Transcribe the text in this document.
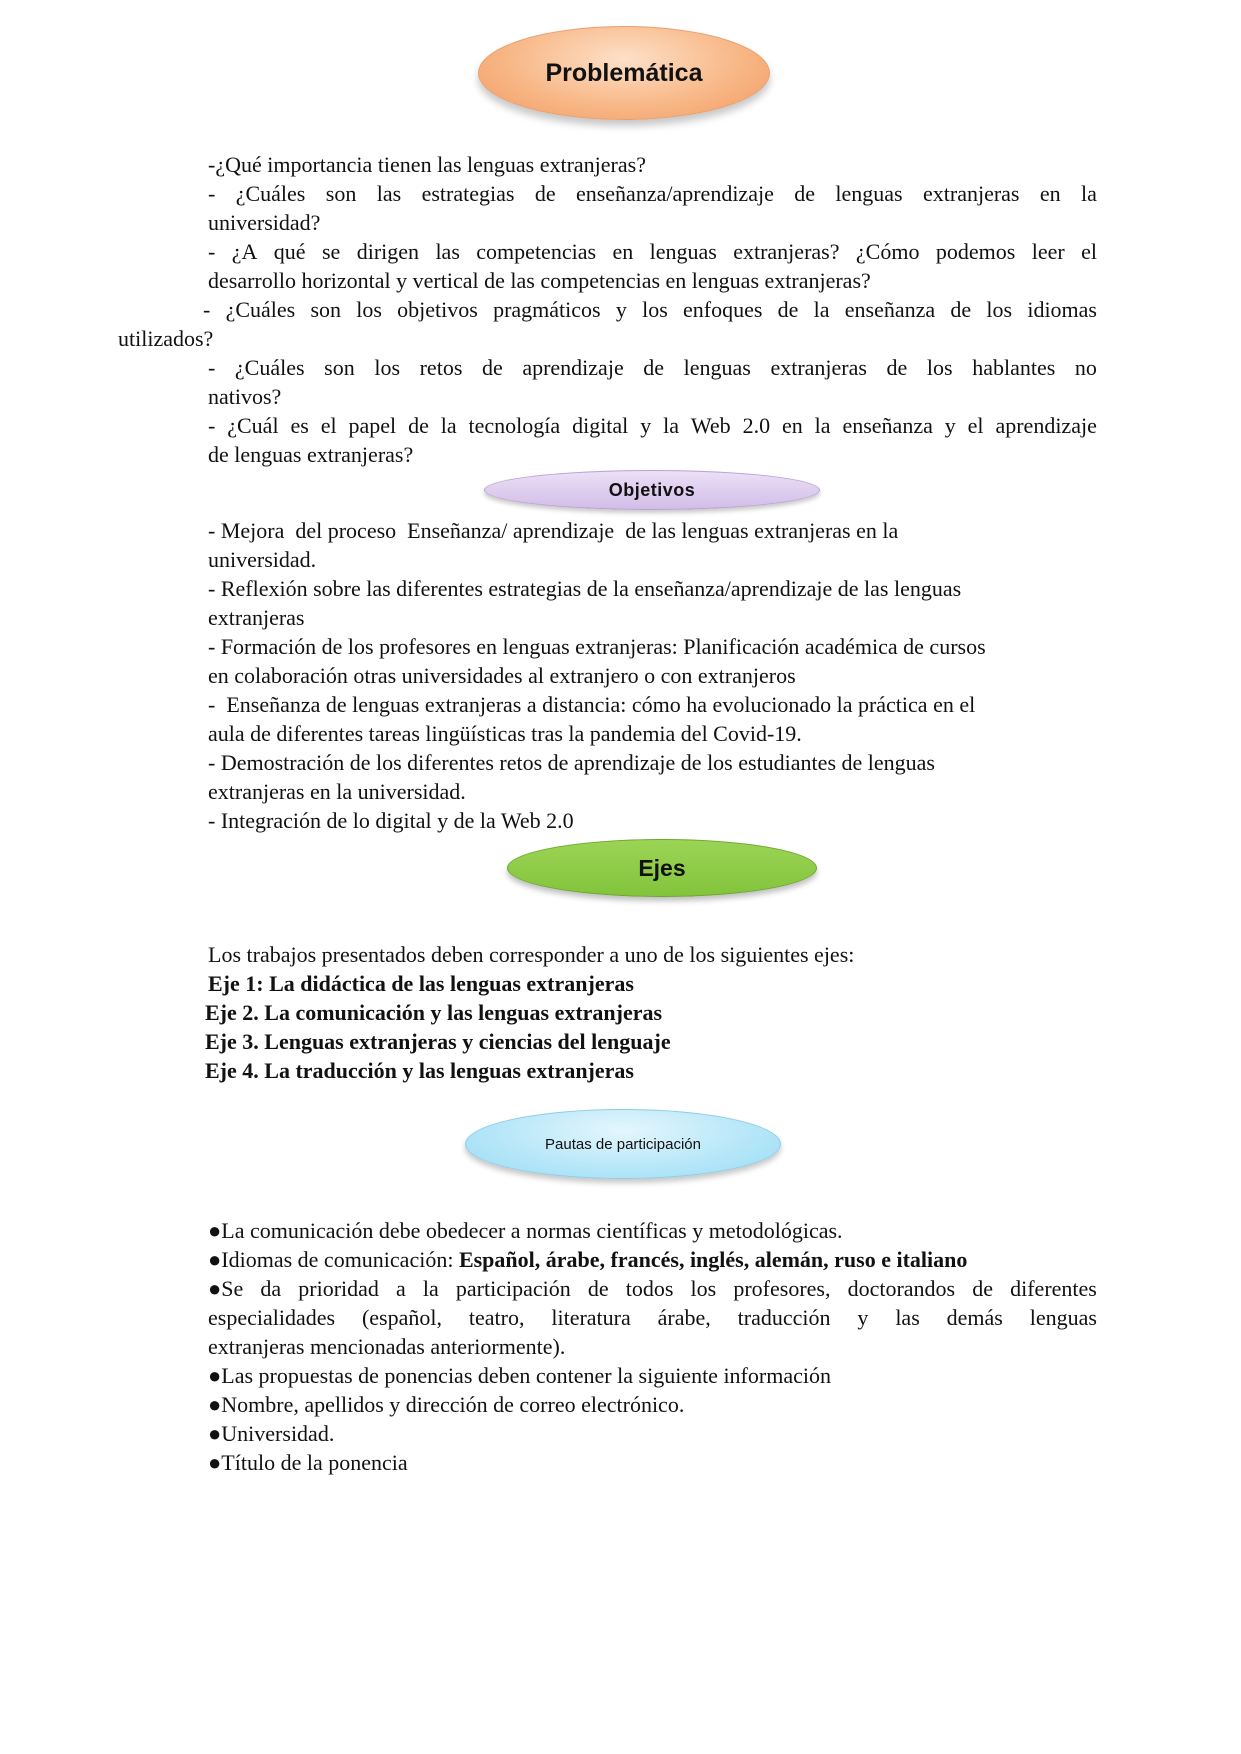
Problemática
Objetivos
Ejes
Pautas de participación
-¿Qué importancia tienen las lenguas extranjeras?
- ¿Cuáles son las estrategias de enseñanza/aprendizaje de lenguas extranjeras en la
universidad?
- ¿A qué se dirigen las competencias en lenguas extranjeras? ¿Cómo podemos leer el
desarrollo horizontal y vertical de las competencias en lenguas extranjeras?
- ¿Cuáles son los objetivos pragmáticos y los enfoques de la enseñanza de los idiomas
utilizados?
- ¿Cuáles son los retos de aprendizaje de lenguas extranjeras de los hablantes no
nativos?
- ¿Cuál es el papel de la tecnología digital y la Web 2.0 en la enseñanza y el aprendizaje
de lenguas extranjeras?
- Mejora  del proceso  Enseñanza/ aprendizaje  de las lenguas extranjeras en la
universidad.
- Reflexión sobre las diferentes estrategias de la enseñanza/aprendizaje de las lenguas
extranjeras
- Formación de los profesores en lenguas extranjeras: Planificación académica de cursos
en colaboración otras universidades al extranjero o con extranjeros
-  Enseñanza de lenguas extranjeras a distancia: cómo ha evolucionado la práctica en el
aula de diferentes tareas lingüísticas tras la pandemia del Covid-19.
- Demostración de los diferentes retos de aprendizaje de los estudiantes de lenguas
extranjeras en la universidad.
- Integración de lo digital y de la Web 2.0
Los trabajos presentados deben corresponder a uno de los siguientes ejes:
Eje 1: La didáctica de las lenguas extranjeras
Eje 2. La comunicación y las lenguas extranjeras
Eje 3. Lenguas extranjeras y ciencias del lenguaje
Eje 4. La traducción y las lenguas extranjeras
●La comunicación debe obedecer a normas científicas y metodológicas.
●Idiomas de comunicación: Español, árabe, francés, inglés, alemán, ruso e italiano
●Se da prioridad a la participación de todos los profesores, doctorandos de diferentes
especialidades (español, teatro, literatura árabe, traducción y las demás lenguas
extranjeras mencionadas anteriormente).
●Las propuestas de ponencias deben contener la siguiente información
●Nombre, apellidos y dirección de correo electrónico.
●Universidad.
●Título de la ponencia
